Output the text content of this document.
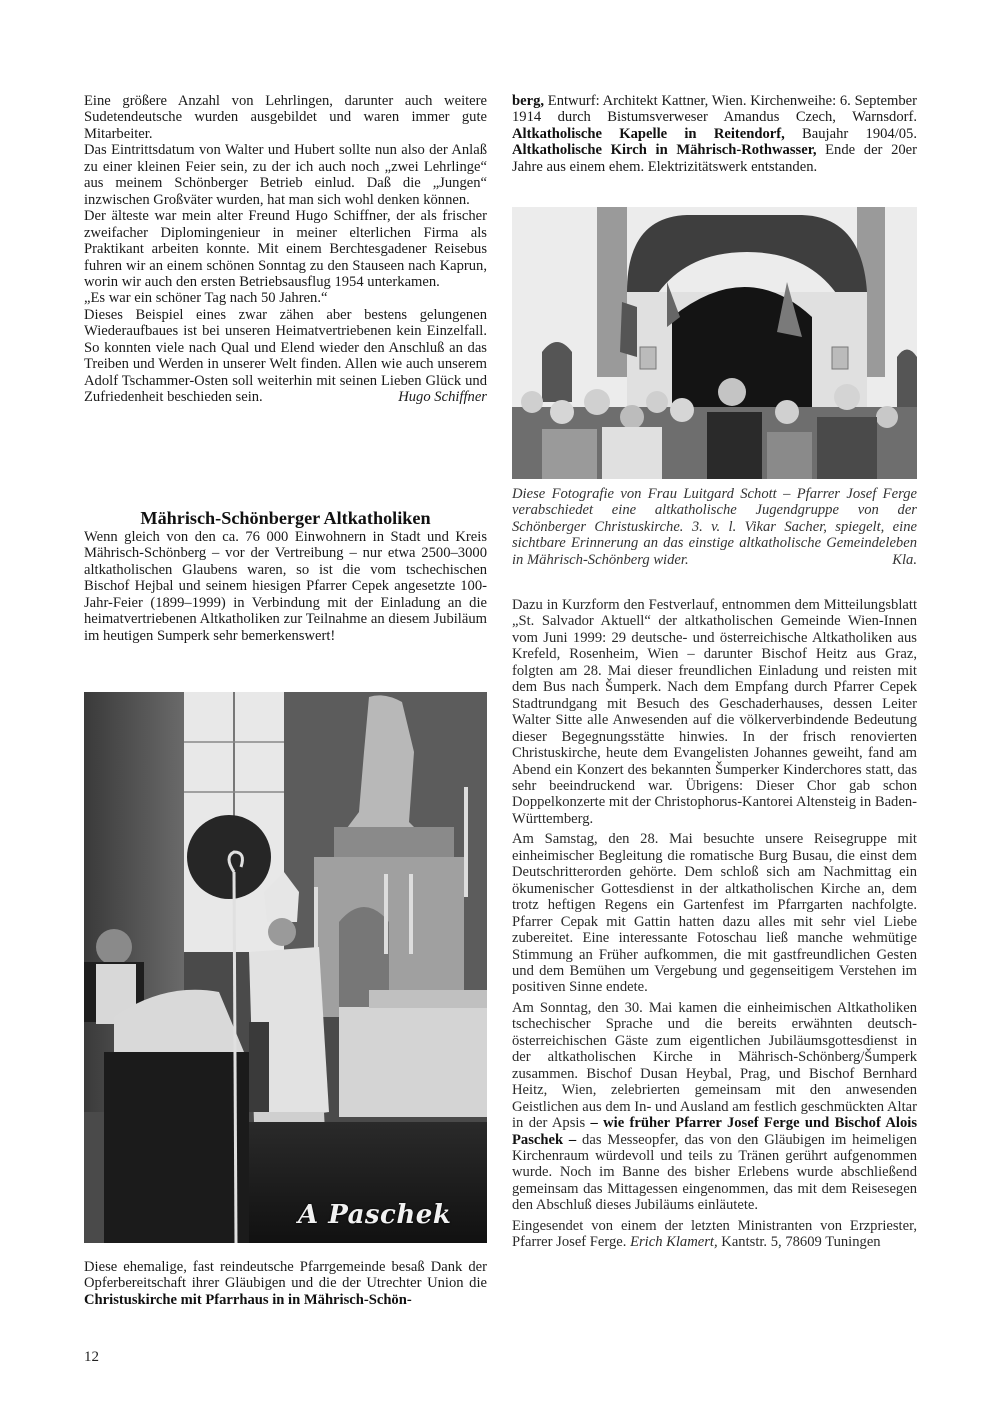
Eine größere Anzahl von Lehrlingen, darunter auch weitere Sudetendeutsche wurden ausgebildet und waren immer gute Mitarbeiter.

Das Eintrittsdatum von Walter und Hubert sollte nun also der Anlaß zu einer kleinen Feier sein, zu der ich auch noch „zwei Lehrlinge“ aus meinem Schönberger Betrieb einlud. Daß die „Jungen“ inzwischen Großväter wurden, hat man sich wohl denken können.

Der älteste war mein alter Freund Hugo Schiffner, der als frischer zweifacher Diplomingenieur in meiner elterlichen Firma als Praktikant arbeiten konnte. Mit einem Berchtesgadener Reisebus fuhren wir an einem schönen Sonntag zu den Stauseen nach Kaprun, worin wir auch den ersten Betriebsausflug 1954 unterkamen.

„Es war ein schöner Tag nach 50 Jahren.“

Dieses Beispiel eines zwar zähen aber bestens gelungenen Wiederaufbaues ist bei unseren Heimatvertriebenen kein Einzelfall. So konnten viele nach Qual und Elend wieder den Anschluß an das Treiben und Werden in unserer Welt finden. Allen wie auch unserem Adolf Tschammer-Osten soll weiterhin mit seinen Lieben Glück und Zufriedenheit beschieden sein.	Hugo Schiffner

Mährisch-Schönberger Altkatholiken

Wenn gleich von den ca. 76 000 Einwohnern in Stadt und Kreis Mährisch-Schönberg – vor der Vertreibung – nur etwa 2500–3000 altkatholischen Glaubens waren, so ist die vom tschechischen Bischof Hejbal und seinem hiesigen Pfarrer Cepek angesetzte 100-Jahr-Feier (1899–1999) in Verbindung mit der Einladung an die heimatvertriebenen Altkatholiken zur Teilnahme an diesem Jubiläum im heutigen Sumperk sehr bemerkenswert!

A Paschek

Diese ehemalige, fast reindeutsche Pfarrgemeinde besaß Dank der Opferbereitschaft ihrer Gläubigen und die der Utrechter Union die Christuskirche mit Pfarrhaus in in Mährisch-Schön-

12

berg, Entwurf: Architekt Kattner, Wien. Kirchenweihe: 6. September 1914 durch Bistumsverweser Amandus Czech, Warnsdorf. Altkatholische Kapelle in Reitendorf, Baujahr 1904/05. Altkatholische Kirch in Mährisch-Rothwasser, Ende der 20er Jahre aus einem ehem. Elektrizitätswerk entstanden.

Diese Fotografie von Frau Luitgard Schott – Pfarrer Josef Ferge verabschiedet eine altkatholische Jugendgruppe von der Schönberger Christuskirche. 3. v. l. Vikar Sacher, spiegelt, eine sichtbare Erinnerung an das einstige altkatholische Gemeindeleben in Mährisch-Schönberg wider.	Kla.

Dazu in Kurzform den Festverlauf, entnommen dem Mitteilungsblatt „St. Salvador Aktuell“ der altkatholischen Gemeinde Wien-Innen vom Juni 1999: 29 deutsche- und österreichische Altkatholiken aus Krefeld, Rosenheim, Wien – darunter Bischof Heitz aus Graz, folgten am 28. Mai dieser freundlichen Einladung und reisten mit dem Bus nach Šumperk. Nach dem Empfang durch Pfarrer Cepek Stadtrundgang mit Besuch des Geschaderhauses, dessen Leiter Walter Sitte alle Anwesenden auf die völkerverbindende Bedeutung dieser Begegnungsstätte hinwies. In der frisch renovierten Christuskirche, heute dem Evangelisten Johannes geweiht, fand am Abend ein Konzert des bekannten Šumperker Kinderchores statt, das sehr beeindruckend war. Übrigens: Dieser Chor gab schon Doppelkonzerte mit der Christophorus-Kantorei Altensteig in Baden-Württemberg.

Am Samstag, den 28. Mai besuchte unsere Reisegruppe mit einheimischer Begleitung die romatische Burg Busau, die einst dem Deutschritterorden gehörte. Dem schloß sich am Nachmittag ein ökumenischer Gottesdienst in der altkatholischen Kirche an, dem trotz heftigen Regens ein Gartenfest im Pfarrgarten nachfolgte. Pfarrer Cepak mit Gattin hatten dazu alles mit sehr viel Liebe zubereitet. Eine interessante Fotoschau ließ manche wehmütige Stimmung an Früher aufkommen, die mit gastfreundlichen Gesten und dem Bemühen um Vergebung und gegenseitigem Verstehen im positiven Sinne endete.

Am Sonntag, den 30. Mai kamen die einheimischen Altkatholiken tschechischer Sprache und die bereits erwähnten deutsch-österreichischen Gäste zum eigentlichen Jubiläumsgottesdienst in der altkatholischen Kirche in Mährisch-Schönberg/Šumperk zusammen. Bischof Dusan Heybal, Prag, und Bischof Bernhard Heitz, Wien, zelebrierten gemeinsam mit den anwesenden Geistlichen aus dem In- und Ausland am festlich geschmückten Altar in der Apsis – wie früher Pfarrer Josef Ferge und Bischof Alois Paschek – das Messeopfer, das von den Gläubigen im heimeligen Kirchenraum würdevoll und teils zu Tränen gerührt aufgenommen wurde. Noch im Banne des bisher Erlebens wurde abschließend gemeinsam das Mittagessen eingenommen, das mit dem Reisesegen den Abschluß dieses Jubiläums einläutete.

Eingesendet von einem der letzten Ministranten von Erzpriester, Pfarrer Josef Ferge. Erich Klamert, Kantstr. 5, 78609 Tuningen
